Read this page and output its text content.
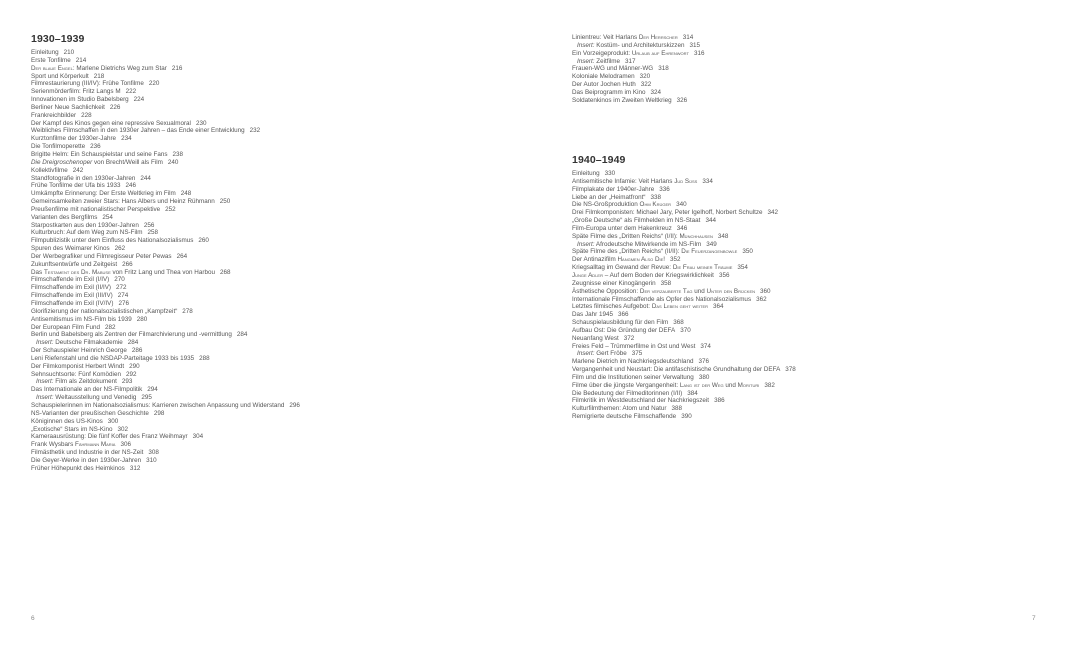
1930–1939
Einleitung 210
Erste Tonfilme 214
Der blaue Engel: Marlene Dietrichs Weg zum Star 216
Sport und Körperkult 218
Filmrestaurierung (III/IV): Frühe Tonfilme 220
Serienmörderfilm: Fritz Langs M 222
Innovationen im Studio Babelsberg 224
Berliner Neue Sachlichkeit 226
Frankreichbilder 228
Der Kampf des Kinos gegen eine repressive Sexualmoral 230
Weibliches Filmschaffen in den 1930er Jahren – das Ende einer Entwicklung 232
Kurztonfilme der 1930er-Jahre 234
Die Tonfilmoperette 236
Brigitte Helm: Ein Schauspielstar und seine Fans 238
Die Dreigroschenoper von Brecht/Weill als Film 240
Kollektivfilme 242
Standfotografie in den 1930er-Jahren 244
Frühe Tonfilme der Ufa bis 1933 246
Umkämpfte Erinnerung: Der Erste Weltkrieg im Film 248
Gemeinsamkeiten zweier Stars: Hans Albers und Heinz Rühmann 250
Preußenfilme mit nationalistischer Perspektive 252
Varianten des Bergfilms 254
Starpostkarten aus den 1930er-Jahren 256
Kulturbruch: Auf dem Weg zum NS-Film 258
Filmpublizistik unter dem Einfluss des Nationalsozialismus 260
Spuren des Weimarer Kinos 262
Der Werbegrafiker und Filmregisseur Peter Pewas 264
Zukunftsentwürfe und Zeitgeist 266
Das Testament des Dr. Mabuse von Fritz Lang und Thea von Harbou 268
Filmschaffende im Exil (I/IV) 270
Filmschaffende im Exil (II/IV) 272
Filmschaffende im Exil (III/IV) 274
Filmschaffende im Exil (IV/IV) 276
Glorifizierung der nationalsozialistischen „Kampfzeit“ 278
Antisemitismus im NS-Film bis 1939 280
Der European Film Fund 282
Berlin und Babelsberg als Zentren der Filmarchivierung und -vermittlung 284
Insert: Deutsche Filmakademie 284
Der Schauspieler Heinrich George 286
Leni Riefenstahl und die NSDAP-Parteitage 1933 bis 1935 288
Der Filmkomponist Herbert Windt 290
Sehnsuchtsorte: Fünf Komödien 292
Insert: Film als Zeitdokument 293
Das Internationale an der NS-Filmpolitik 294
Insert: Weltausstellung und Venedig 295
Schauspielerinnen im Nationalsozialismus: Karrieren zwischen Anpassung und Widerstand 296
NS-Varianten der preußischen Geschichte 298
Königinnen des US-Kinos 300
„Exotische“ Stars im NS-Kino 302
Kameraausrüstung: Die fünf Koffer des Franz Weihmayr 304
Frank Wysbars Fährmann Maria 306
Filmästhetik und Industrie in der NS-Zeit 308
Die Geyer-Werke in den 1930er-Jahren 310
Früher Höhepunkt des Heimkinos 312
Linientreu: Veit Harlans Der Herrscher 314
Insert: Kostüm- und Architekturskizzen 315
Ein Vorzeigeprodukt: Urlaub auf Ehrenwort 316
Insert: Zeitfilme 317
Frauen-WG und Männer-WG 318
Koloniale Melodramen 320
Der Autor Jochen Huth 322
Das Beiprogramm im Kino 324
Soldatenkinos im Zweiten Weltkrieg 326
1940–1949
Einleitung 330
Antisemitische Infamie: Veit Harlans Jud Süß 334
Filmplakate der 1940er-Jahre 336
Liebe an der „Heimatfront“ 338
Die NS-Großproduktion Ohm Krüger 340
Drei Filmkomponisten: Michael Jary, Peter Igelhoff, Norbert Schultze 342
„Große Deutsche“ als Filmhelden im NS-Staat 344
Film-Europa unter dem Hakenkreuz 346
Späte Filme des „Dritten Reichs“ (I/II): Münchhausen 348
Insert: Afrodeutsche Mitwirkende im NS-Film 349
Späte Filme des „Dritten Reichs“ (II/II): Die Feuerzangenbowle 350
Der Antinazifilm Hangmen Also Die! 352
Kriegsalltag im Gewand der Revue: Die Frau meiner Träume 354
Junge Adler – Auf dem Boden der Kriegswirklichkeit 356
Zeugnisse einer Kinogängerin 358
Ästhetische Opposition: Der verzauberte Tag und Unter den Brücken 360
Internationale Filmschaffende als Opfer des Nationalsozialismus 362
Letztes filmisches Aufgebot: Das Leben geht weiter 364
Das Jahr 1945 366
Schauspielausbildung für den Film 368
Aufbau Ost: Die Gründung der DEFA 370
Neuanfang West 372
Freies Feld – Trümmerfilme in Ost und West 374
Insert: Gert Fröbe 375
Marlene Dietrich im Nachkriegsdeutschland 376
Vergangenheit und Neustart: Die antifaschistische Grundhaltung der DEFA 378
Film und die Institutionen seiner Verwaltung 380
Filme über die jüngste Vergangenheit: Lang ist der Weg und Morituri 382
Die Bedeutung der Filmeditorinnen (I/II) 384
Filmkritik im Westdeutschland der Nachkriegszeit 386
Kulturfilmthemen: Atom und Natur 388
Remigrierte deutsche Filmschaffende 390
6	7
